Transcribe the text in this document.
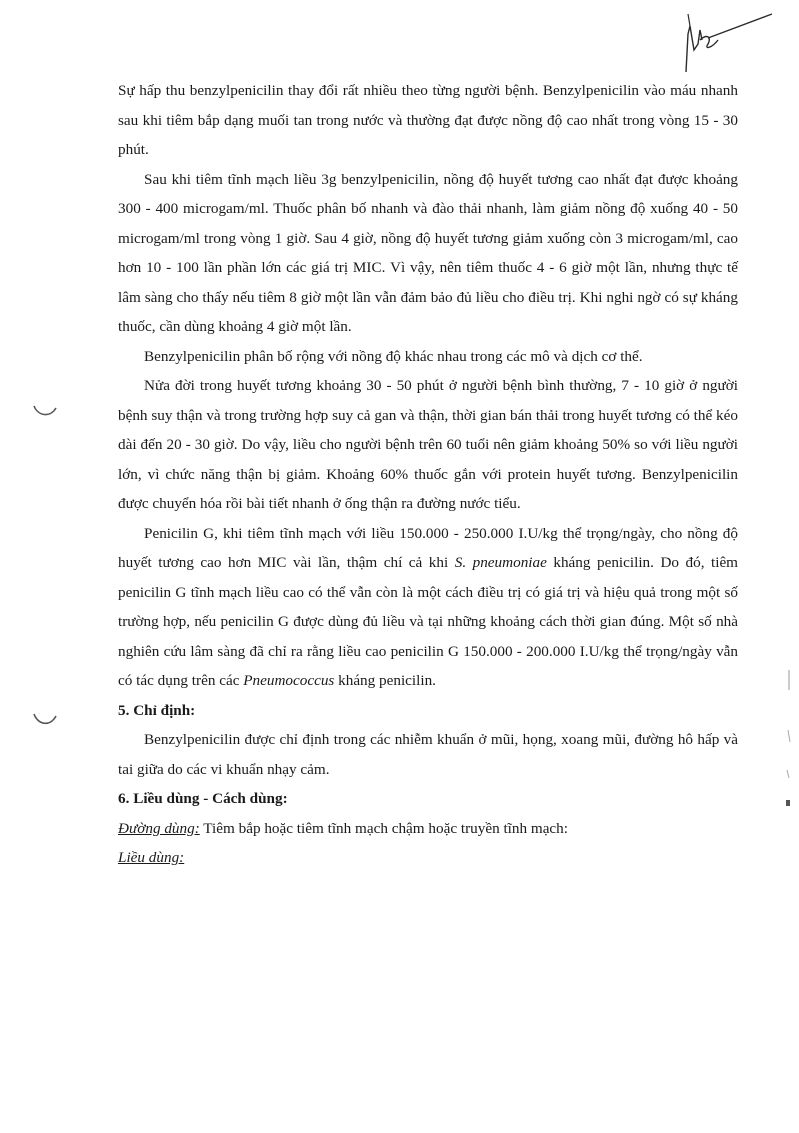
Sự hấp thu benzylpenicilin thay đổi rất nhiều theo từng người bệnh. Benzylpenicilin vào máu nhanh sau khi tiêm bắp dạng muối tan trong nước và thường đạt được nồng độ cao nhất trong vòng 15 - 30 phút.

Sau khi tiêm tĩnh mạch liều 3g benzylpenicilin, nồng độ huyết tương cao nhất đạt được khoảng 300 - 400 microgam/ml. Thuốc phân bố nhanh và đào thải nhanh, làm giảm nồng độ xuống 40 - 50 microgam/ml trong vòng 1 giờ. Sau 4 giờ, nồng độ huyết tương giảm xuống còn 3 microgam/ml, cao hơn 10 - 100 lần phần lớn các giá trị MIC. Vì vậy, nên tiêm thuốc 4 - 6 giờ một lần, nhưng thực tế lâm sàng cho thấy nếu tiêm 8 giờ một lần vẫn đảm bảo đủ liều cho điều trị. Khi nghi ngờ có sự kháng thuốc, cần dùng khoảng 4 giờ một lần.

Benzylpenicilin phân bố rộng với nồng độ khác nhau trong các mô và dịch cơ thể.

Nửa đời trong huyết tương khoảng 30 - 50 phút ở người bệnh bình thường, 7 - 10 giờ ở người bệnh suy thận và trong trường hợp suy cả gan và thận, thời gian bán thải trong huyết tương có thể kéo dài đến 20 - 30 giờ. Do vậy, liều cho người bệnh trên 60 tuổi nên giảm khoảng 50% so với liều người lớn, vì chức năng thận bị giảm. Khoảng 60% thuốc gắn với protein huyết tương. Benzylpenicilin được chuyển hóa rồi bài tiết nhanh ở ống thận ra đường nước tiểu.

Penicilin G, khi tiêm tĩnh mạch với liều 150.000 - 250.000 I.U/kg thể trọng/ngày, cho nồng độ huyết tương cao hơn MIC vài lần, thậm chí cả khi S. pneumoniae kháng penicilin. Do đó, tiêm penicilin G tĩnh mạch liều cao có thể vẫn còn là một cách điều trị có giá trị và hiệu quả trong một số trường hợp, nếu penicilin G được dùng đủ liều và tại những khoảng cách thời gian đúng. Một số nhà nghiên cứu lâm sàng đã chỉ ra rằng liều cao penicilin G 150.000 - 200.000 I.U/kg thể trọng/ngày vẫn có tác dụng trên các Pneumococcus kháng penicilin.

5. Chỉ định:

Benzylpenicilin được chỉ định trong các nhiễm khuẩn ở mũi, họng, xoang mũi, đường hô hấp và tai giữa do các vi khuẩn nhạy cảm.

6. Liều dùng - Cách dùng:

Đường dùng: Tiêm bắp hoặc tiêm tĩnh mạch chậm hoặc truyền tĩnh mạch:

Liều dùng:
